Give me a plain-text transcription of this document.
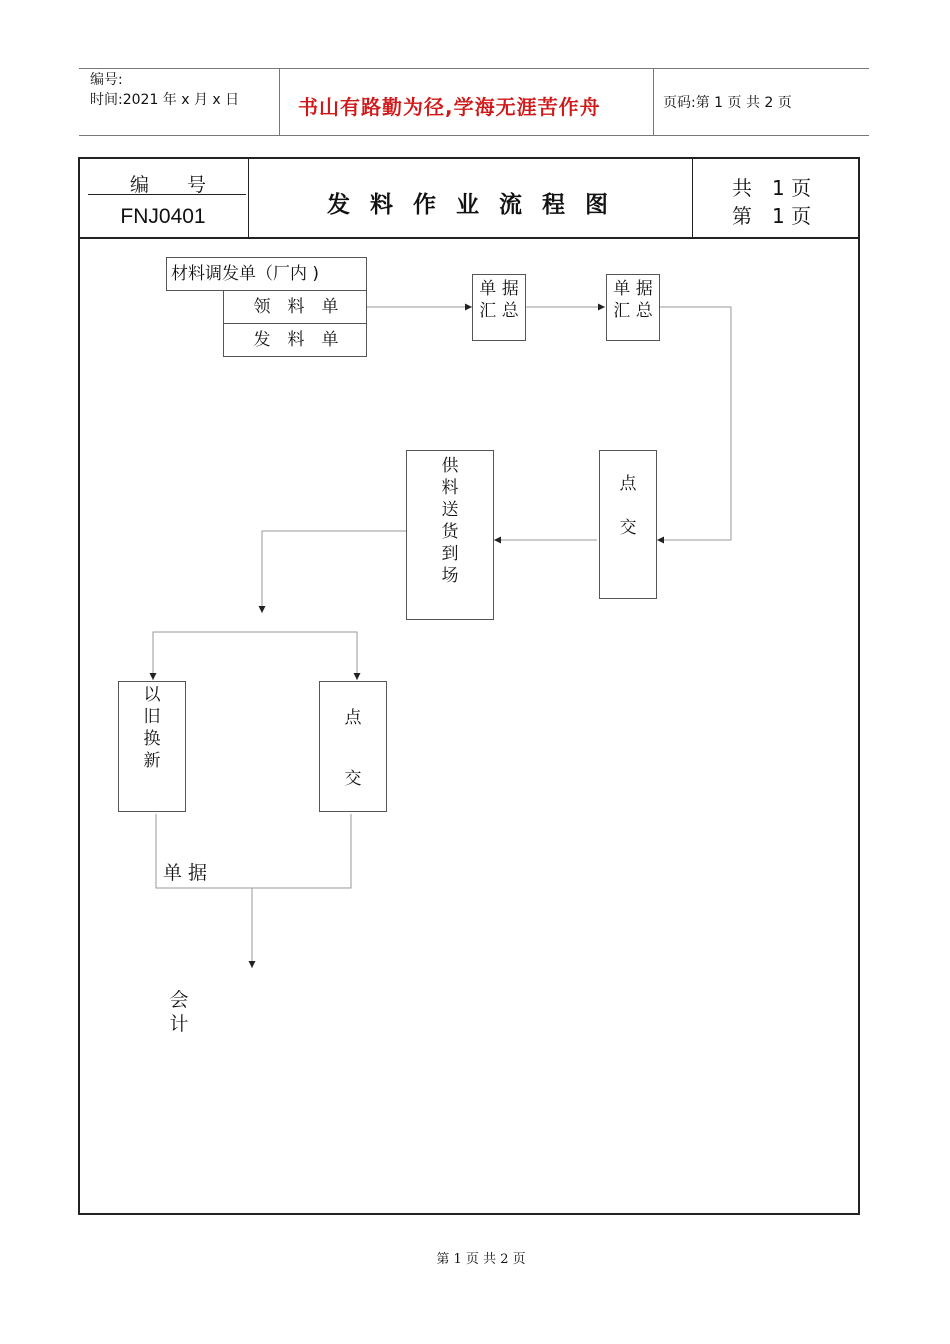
编号:
时间:2021 年 x 月 x 日	书山有路勤为径,学海无涯苦作舟	页码:第 1 页 共 2 页
编　　号
FNJ0401	发 料 作 业 流 程 图
共　1 页
第　1 页
材料调发单（厂内 )
领　料　单
发　料　单
单 据
汇 总
单 据
汇 总
点
交
供
料
送
货
到
场
以
旧
换
新
点
交
单 据
会
计
第 1 页 共 2 页
